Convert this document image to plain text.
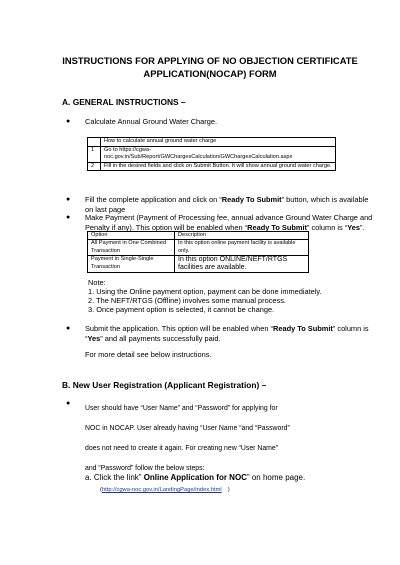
INSTRUCTIONS FOR APPLYING OF NO OBJECTION CERTIFICATE
APPLICATION(NOCAP) FORM
A. GENERAL INSTRUCTIONS –
● Calculate Annual Ground Water Charge.
	How to calculate annual ground water charge
1	Go to https://cgwa-noc.gov.in/Sub/Report/GWChargesCalculation/GWChargesCalculation.aspx
2	Fill in the desired fields and click on Submit Button. It will show annual ground water charge.
● Fill the complete application and click on “Ready To Submit” button, which is available on last page
● Make Payment (Payment of Processing fee, annual advance Ground Water Charge and Penalty if any). This option will be enabled when “Ready To Submit” column is “Yes”.
Option	Description
All Payment in One Combined Transaction	In this option online payment facility is available only.
Payment in Single-Single Transaction	In this option ONLINE/NEFT/RTGS facilities are available.
Note:
1. Using the Online payment option, payment can be done immediately.
2. The NEFT/RTGS (Offline) involves some manual process.
3. Once payment option is selected, it cannot be change.
● Submit the application. This option will be enabled when “Ready To Submit” column is “Yes” and all payments successfully paid.
For more detail see below instructions.
B. New User Registration (Applicant Registration) –
●
User should have “User Name” and “Password” for applying for
NOC in NOCAP. User already having “User Name “and “Password”
does not need to create it again. For creating new “User Name”
and “Password” follow the below steps:
a. Click the link” Online Application for NOC” on home page.
(http://cgwa-noc.gov.in/LandingPage/index.html )
